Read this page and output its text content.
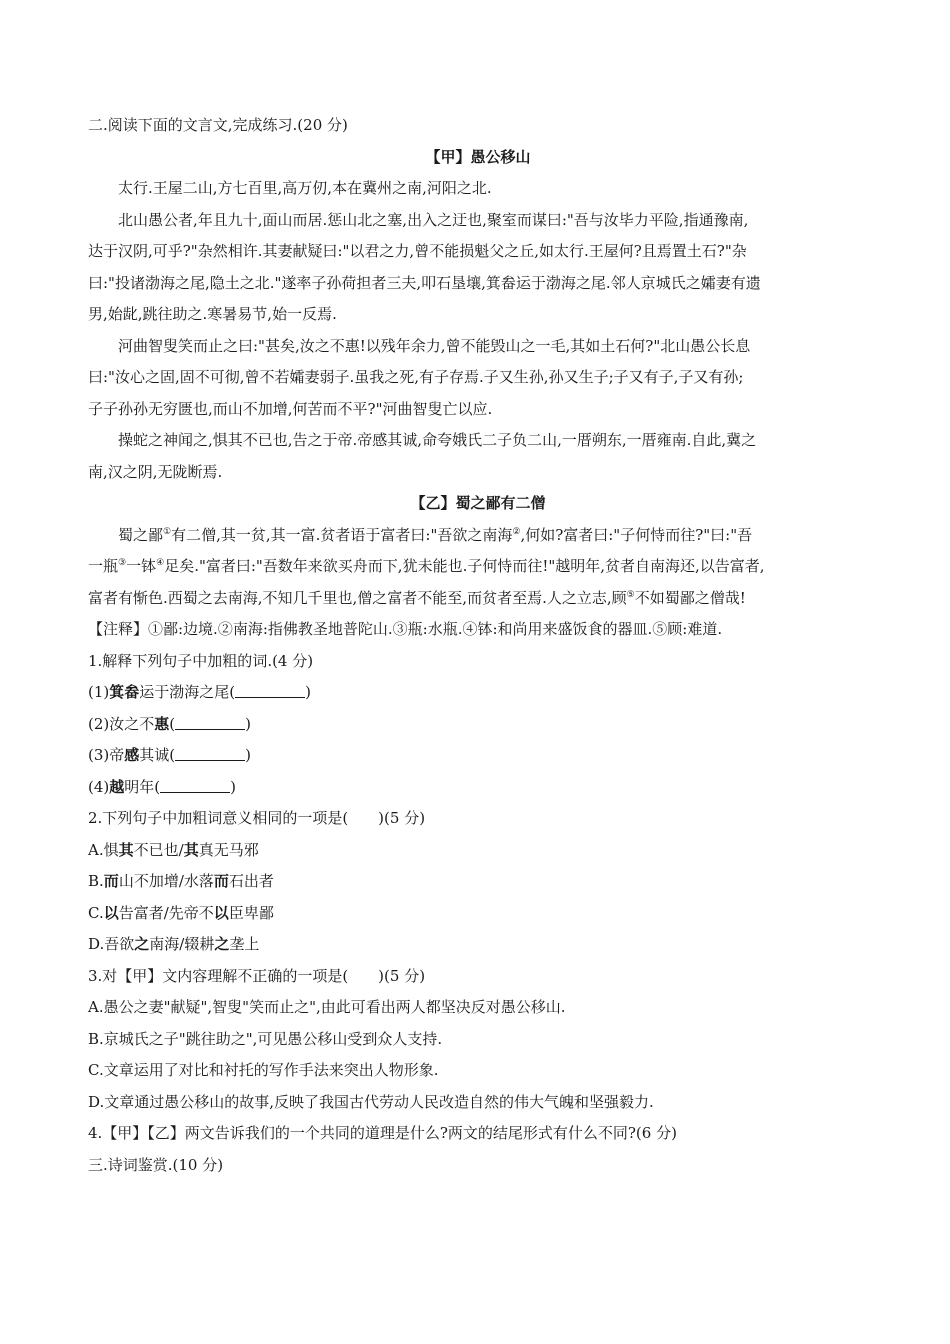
二.阅读下面的文言文,完成练习.(20 分)

【甲】愚公移山

太行.王屋二山,方七百里,高万仞,本在冀州之南,河阳之北.

北山愚公者,年且九十,面山而居.惩山北之塞,出入之迂也,聚室而谋曰:"吾与汝毕力平险,指通豫南,

达于汉阴,可乎?"杂然相许.其妻献疑曰:"以君之力,曾不能损魁父之丘,如太行.王屋何?且焉置土石?"杂

曰:"投诸渤海之尾,隐土之北."遂率子孙荷担者三夫,叩石垦壤,箕畚运于渤海之尾.邻人京城氏之孀妻有遗

男,始龀,跳往助之.寒暑易节,始一反焉.

河曲智叟笑而止之曰:"甚矣,汝之不惠!以残年余力,曾不能毁山之一毛,其如土石何?"北山愚公长息

曰:"汝心之固,固不可彻,曾不若孀妻弱子.虽我之死,有子存焉.子又生孙,孙又生子;子又有子,子又有孙;

子子孙孙无穷匮也,而山不加增,何苦而不平?"河曲智叟亡以应.

操蛇之神闻之,惧其不已也,告之于帝.帝感其诚,命夸娥氏二子负二山,一厝朔东,一厝雍南.自此,冀之

南,汉之阴,无陇断焉.

【乙】蜀之鄙有二僧

蜀之鄙①有二僧,其一贫,其一富.贫者语于富者曰:"吾欲之南海②,何如?富者曰:"子何恃而往?"曰:"吾

一瓶③一钵④足矣."富者曰:"吾数年来欲买舟而下,犹未能也.子何恃而往!"越明年,贫者自南海还,以告富者,

富者有惭色.西蜀之去南海,不知几千里也,僧之富者不能至,而贫者至焉.人之立志,顾⑤不如蜀鄙之僧哉!

【注释】①鄙:边境.②南海:指佛教圣地普陀山.③瓶:水瓶.④钵:和尚用来盛饭食的器皿.⑤顾:难道.

1.解释下列句子中加粗的词.(4 分)

(1)箕畚运于渤海之尾(	)

(2)汝之不惠(	)

(3)帝感其诚(	)

(4)越明年(	)

2.下列句子中加粗词意义相同的一项是( )(5 分)

A.惧其不已也/其真无马邪

B.而山不加增/水落而石出者

C.以告富者/先帝不以臣卑鄙

D.吾欲之南海/辍耕之垄上

3.对【甲】文内容理解不正确的一项是( )(5 分)

A.愚公之妻"献疑",智叟"笑而止之",由此可看出两人都坚决反对愚公移山.

B.京城氏之子"跳往助之",可见愚公移山受到众人支持.

C.文章运用了对比和衬托的写作手法来突出人物形象.

D.文章通过愚公移山的故事,反映了我国古代劳动人民改造自然的伟大气魄和坚强毅力.

4.【甲】【乙】两文告诉我们的一个共同的道理是什么?两文的结尾形式有什么不同?(6 分)

三.诗词鉴赏.(10 分)
